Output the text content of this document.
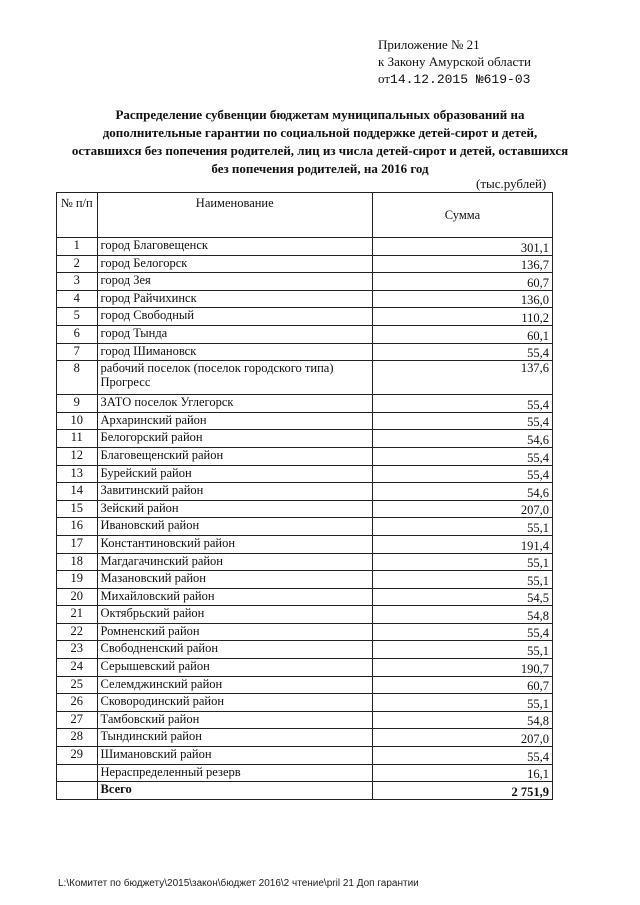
Приложение № 21
к Закону Амурской области
от14.12.2015 №619-03
Распределение субвенции бюджетам муниципальных образований на дополнительные гарантии по социальной поддержке детей-сирот и детей, оставшихся без попечения родителей, лиц из числа детей-сирот и детей, оставшихся без попечения родителей, на 2016 год
(тыс.рублей)
№ п/п	Наименование	Сумма
1	город Благовещенск	301,1
2	город Белогорск	136,7
3	город Зея	60,7
4	город Райчихинск	136,0
5	город Свободный	110,2
6	город Тында	60,1
7	город Шимановск	55,4
8	рабочий поселок (поселок городского типа) Прогресс	137,6
9	ЗАТО поселок Углегорск	55,4
10	Архаринский район	55,4
11	Белогорский район	54,6
12	Благовещенский район	55,4
13	Бурейский район	55,4
14	Завитинский район	54,6
15	Зейский район	207,0
16	Ивановский район	55,1
17	Константиновский район	191,4
18	Магдагачинский район	55,1
19	Мазановский район	55,1
20	Михайловский район	54,5
21	Октябрьский район	54,8
22	Ромненский район	55,4
23	Свободненский район	55,1
24	Серышевский район	190,7
25	Селемджинский район	60,7
26	Сковородинский район	55,1
27	Тамбовский район	54,8
28	Тындинский район	207,0
29	Шимановский район	55,4
	Нераспределенный резерв	16,1
	Всего	2 751,9
L:\Комитет по бюджету\2015\закон\бюджет 2016\2 чтение\pril 21 Доп гарантии
